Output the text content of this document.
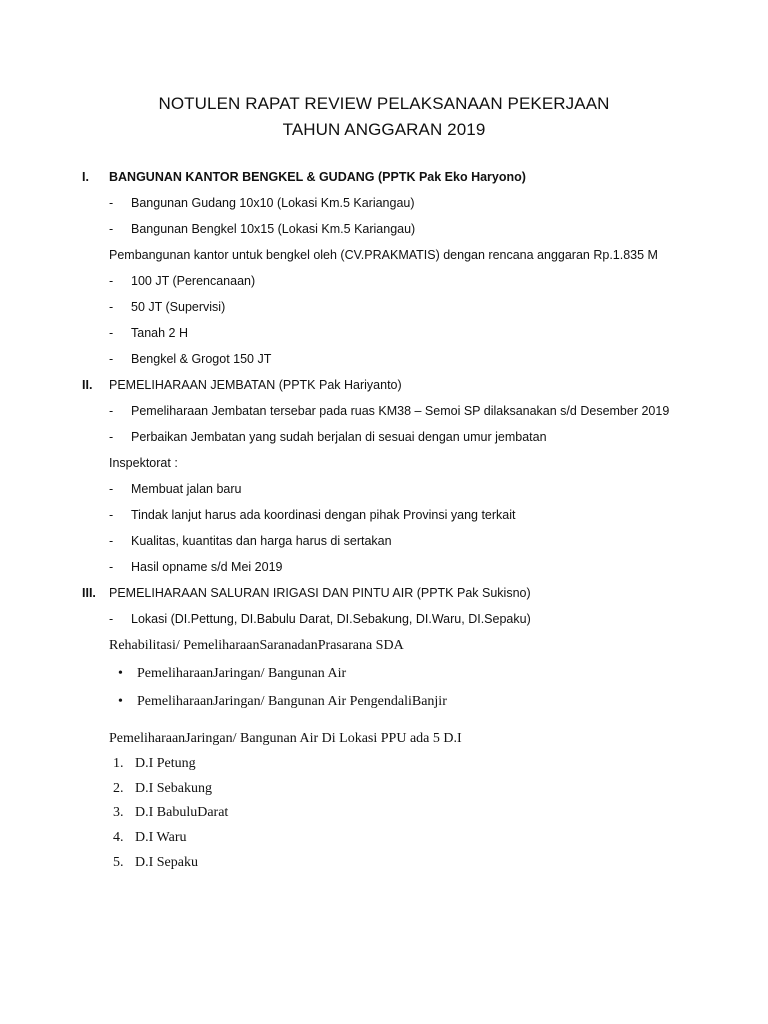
NOTULEN RAPAT REVIEW PELAKSANAAN PEKERJAAN
TAHUN ANGGARAN 2019
I. BANGUNAN KANTOR BENGKEL & GUDANG (PPTK Pak Eko Haryono)
- Bangunan Gudang 10x10 (Lokasi Km.5 Kariangau)
- Bangunan Bengkel 10x15 (Lokasi Km.5 Kariangau)
Pembangunan kantor untuk bengkel oleh (CV.PRAKMATIS) dengan rencana anggaran Rp.1.835 M
- 100 JT (Perencanaan)
- 50 JT (Supervisi)
- Tanah 2 H
- Bengkel & Grogot 150 JT
II. PEMELIHARAAN JEMBATAN (PPTK Pak Hariyanto)
- Pemeliharaan Jembatan tersebar pada ruas KM38 – Semoi SP dilaksanakan s/d Desember 2019
- Perbaikan Jembatan yang sudah berjalan di sesuai dengan umur jembatan
Inspektorat :
- Membuat jalan baru
- Tindak lanjut harus ada koordinasi dengan pihak Provinsi yang terkait
- Kualitas, kuantitas dan harga harus di sertakan
- Hasil opname s/d Mei 2019
III. PEMELIHARAAN SALURAN IRIGASI DAN PINTU AIR (PPTK Pak Sukisno)
- Lokasi (DI.Pettung, DI.Babulu Darat, DI.Sebakung, DI.Waru, DI.Sepaku)
Rehabilitasi/ PemeliharaanSaranadanPrasarana SDA
• PemeliharaanJaringan/ Bangunan Air
• PemeliharaanJaringan/ Bangunan Air PengendaliBanjir
PemeliharaanJaringan/ Bangunan Air Di Lokasi PPU ada 5 D.I
1. D.I Petung
2. D.I Sebakung
3. D.I BabuluDarat
4. D.I Waru
5. D.I Sepaku
